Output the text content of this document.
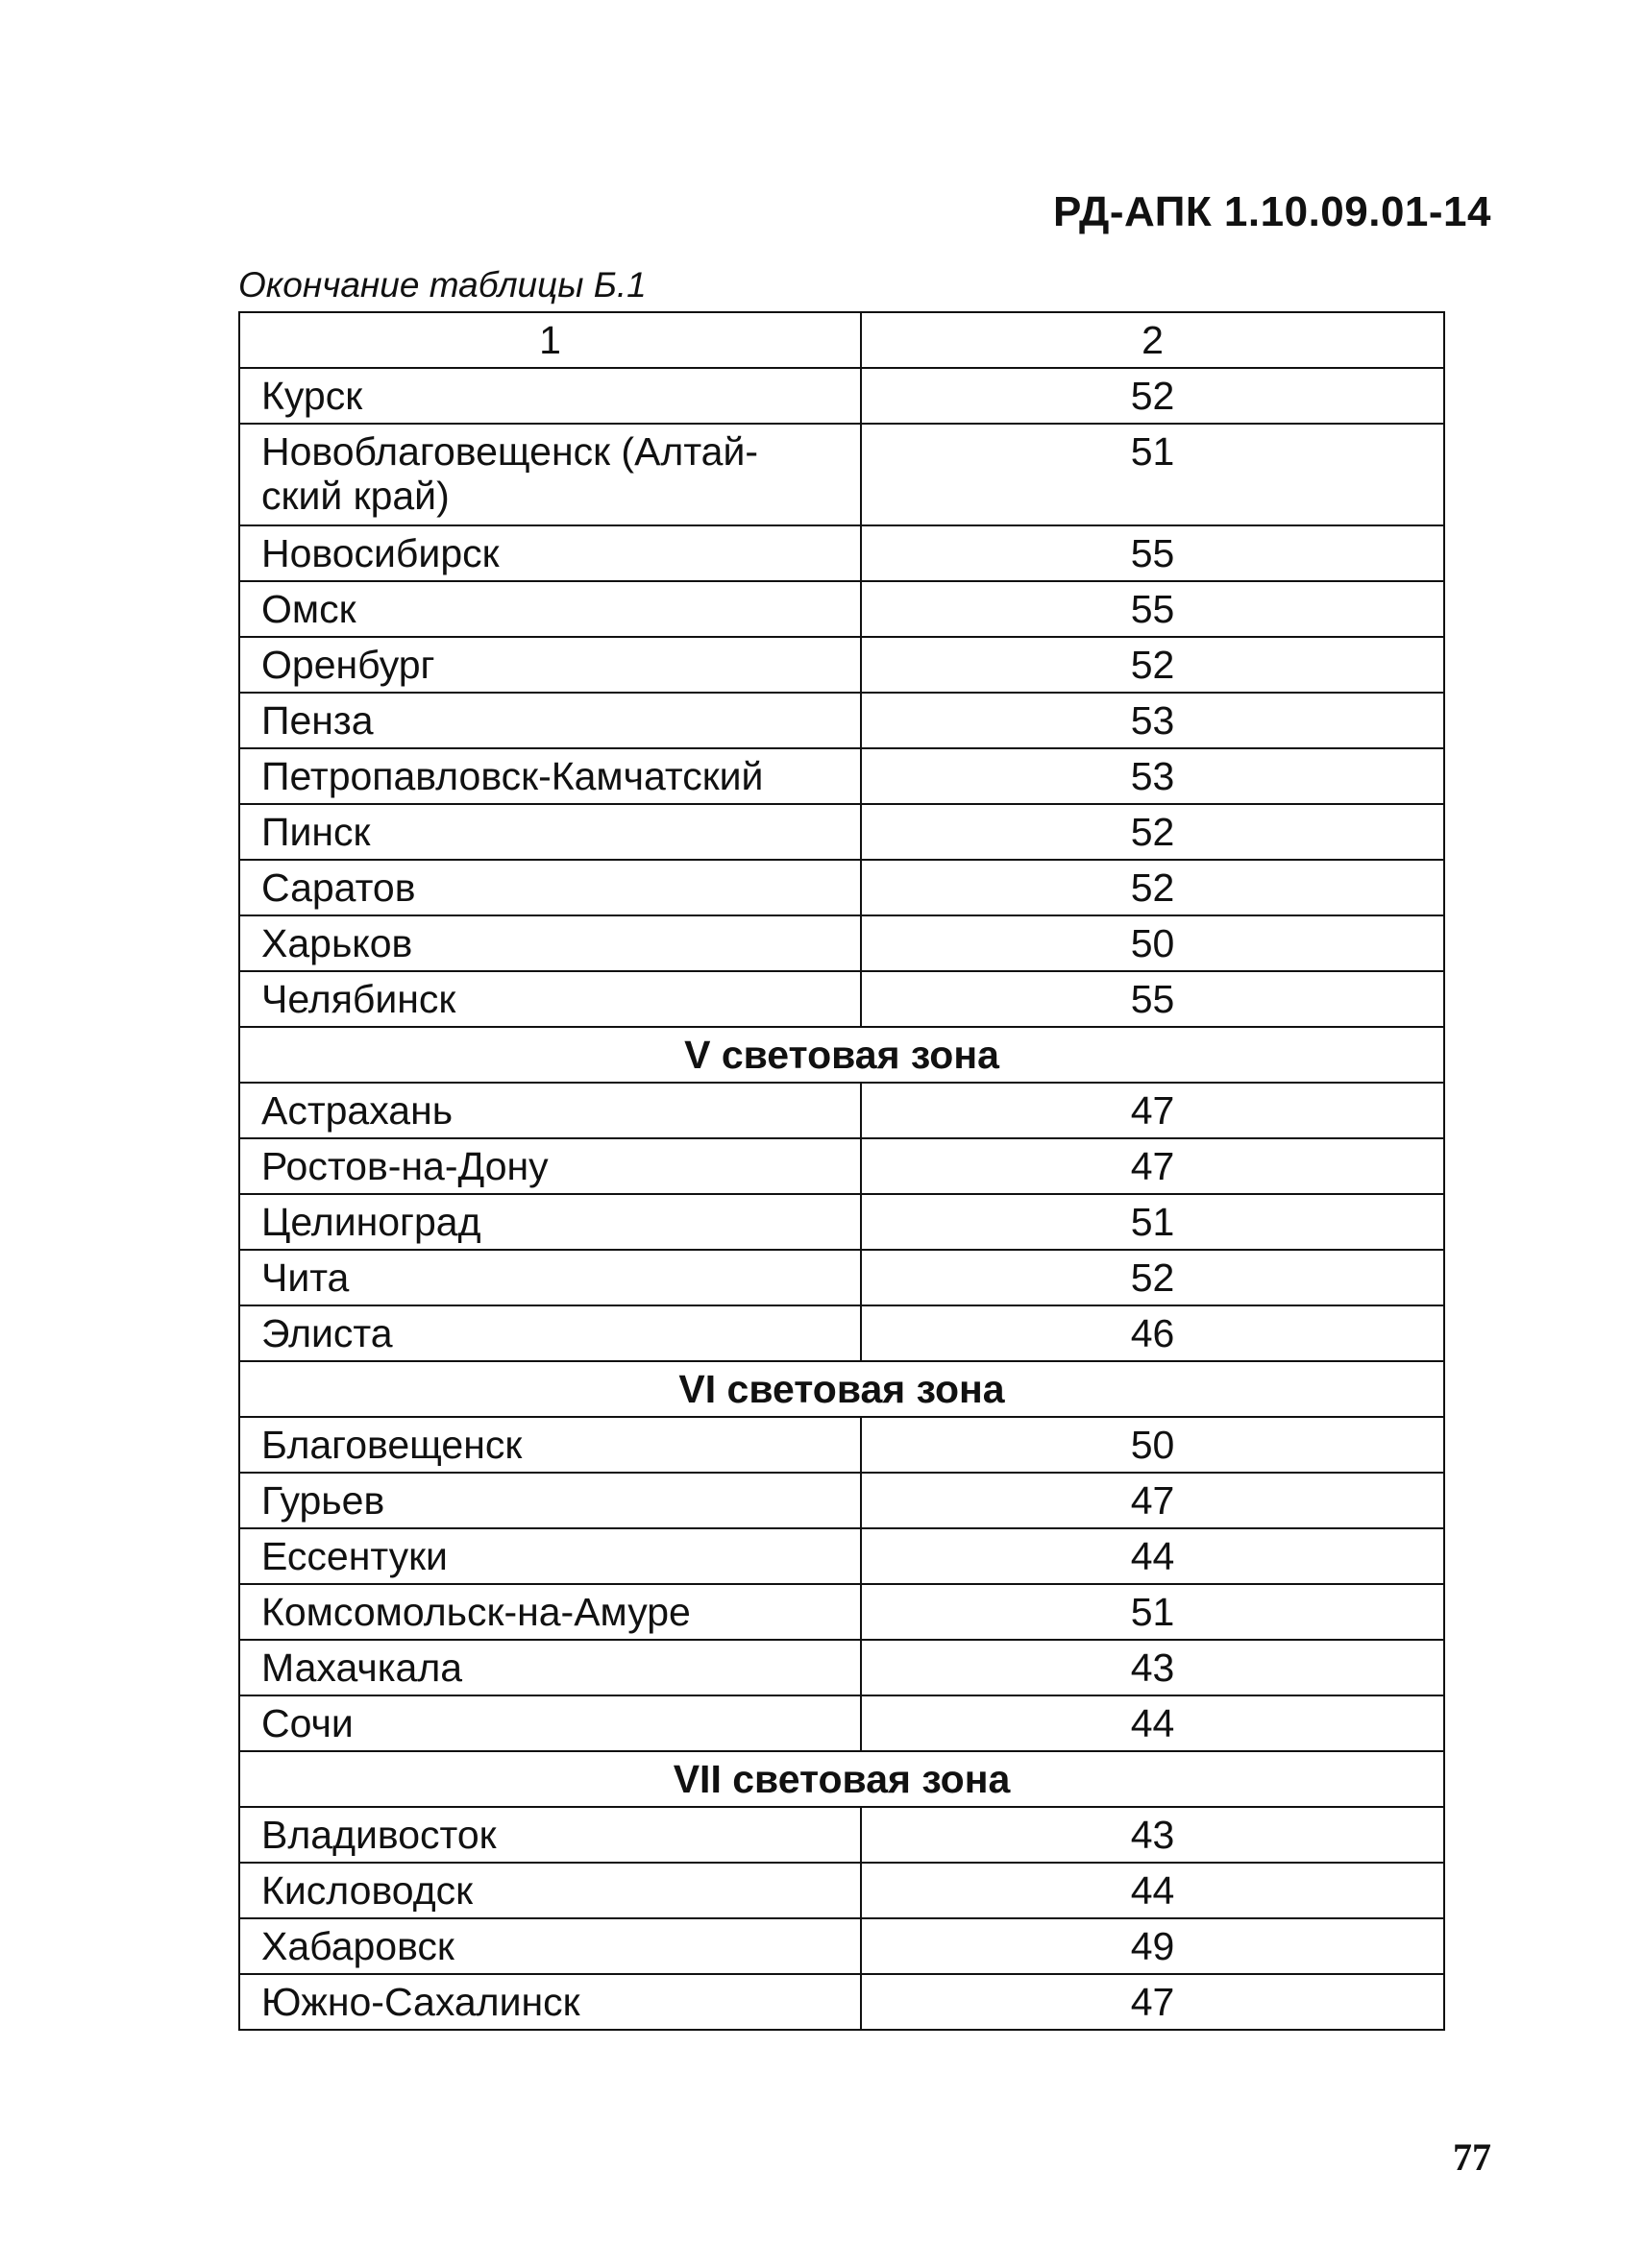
РД-АПК 1.10.09.01-14
Окончание таблицы Б.1
1	2
Курск	52
Новоблаговещенск (Алтай-
ский край)	51
Новосибирск	55
Омск	55
Оренбург	52
Пенза	53
Петропавловск-Камчатский	53
Пинск	52
Саратов	52
Харьков	50
Челябинск	55
V световая зона	
Астрахань	47
Ростов-на-Дону	47
Целиноград	51
Чита	52
Элиста	46
VI световая зона	
Благовещенск	50
Гурьев	47
Ессентуки	44
Комсомольск-на-Амуре	51
Махачкала	43
Сочи	44
VII световая зона	
Владивосток	43
Кисловодск	44
Хабаровск	49
Южно-Сахалинск	47
77
